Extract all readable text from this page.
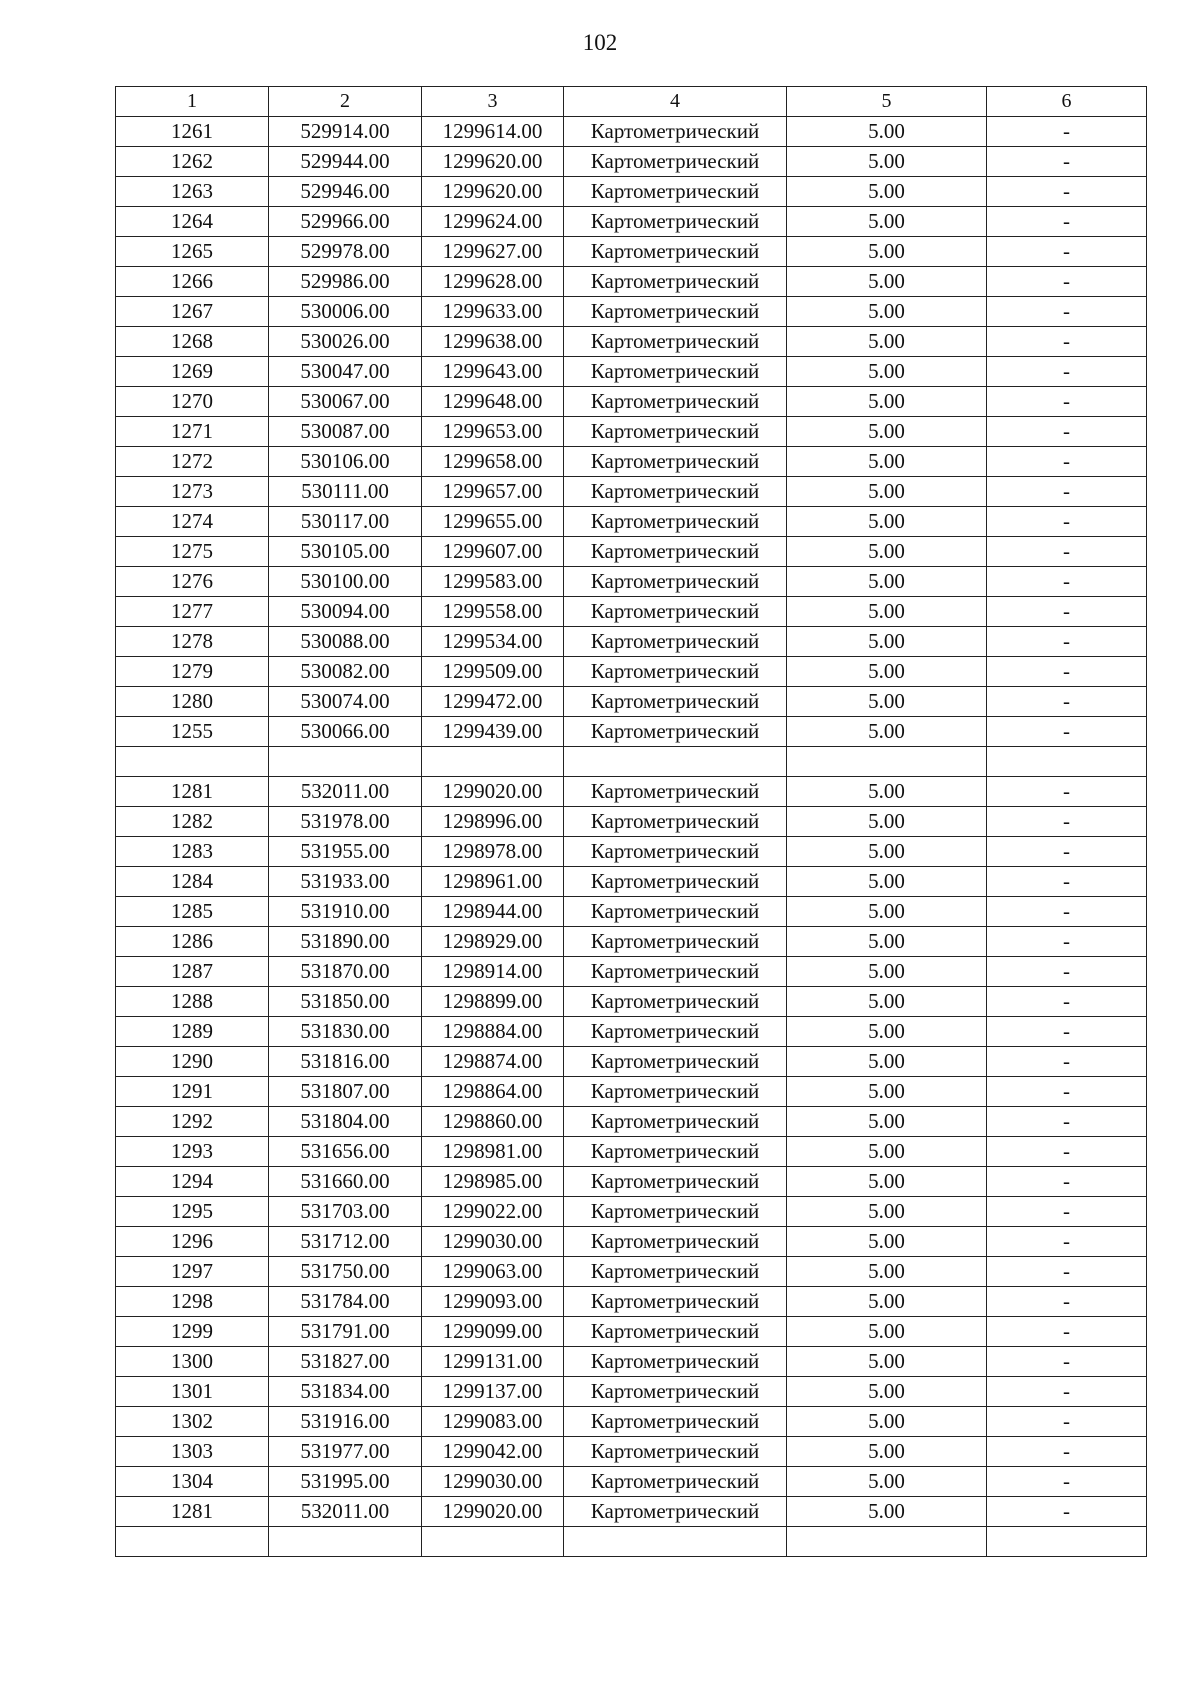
102
1	2	3	4	5	6
1261	529914.00	1299614.00	Картометрический	5.00	-
1262	529944.00	1299620.00	Картометрический	5.00	-
1263	529946.00	1299620.00	Картометрический	5.00	-
1264	529966.00	1299624.00	Картометрический	5.00	-
1265	529978.00	1299627.00	Картометрический	5.00	-
1266	529986.00	1299628.00	Картометрический	5.00	-
1267	530006.00	1299633.00	Картометрический	5.00	-
1268	530026.00	1299638.00	Картометрический	5.00	-
1269	530047.00	1299643.00	Картометрический	5.00	-
1270	530067.00	1299648.00	Картометрический	5.00	-
1271	530087.00	1299653.00	Картометрический	5.00	-
1272	530106.00	1299658.00	Картометрический	5.00	-
1273	530111.00	1299657.00	Картометрический	5.00	-
1274	530117.00	1299655.00	Картометрический	5.00	-
1275	530105.00	1299607.00	Картометрический	5.00	-
1276	530100.00	1299583.00	Картометрический	5.00	-
1277	530094.00	1299558.00	Картометрический	5.00	-
1278	530088.00	1299534.00	Картометрический	5.00	-
1279	530082.00	1299509.00	Картометрический	5.00	-
1280	530074.00	1299472.00	Картометрический	5.00	-
1255	530066.00	1299439.00	Картометрический	5.00	-

1281	532011.00	1299020.00	Картометрический	5.00	-
1282	531978.00	1298996.00	Картометрический	5.00	-
1283	531955.00	1298978.00	Картометрический	5.00	-
1284	531933.00	1298961.00	Картометрический	5.00	-
1285	531910.00	1298944.00	Картометрический	5.00	-
1286	531890.00	1298929.00	Картометрический	5.00	-
1287	531870.00	1298914.00	Картометрический	5.00	-
1288	531850.00	1298899.00	Картометрический	5.00	-
1289	531830.00	1298884.00	Картометрический	5.00	-
1290	531816.00	1298874.00	Картометрический	5.00	-
1291	531807.00	1298864.00	Картометрический	5.00	-
1292	531804.00	1298860.00	Картометрический	5.00	-
1293	531656.00	1298981.00	Картометрический	5.00	-
1294	531660.00	1298985.00	Картометрический	5.00	-
1295	531703.00	1299022.00	Картометрический	5.00	-
1296	531712.00	1299030.00	Картометрический	5.00	-
1297	531750.00	1299063.00	Картометрический	5.00	-
1298	531784.00	1299093.00	Картометрический	5.00	-
1299	531791.00	1299099.00	Картометрический	5.00	-
1300	531827.00	1299131.00	Картометрический	5.00	-
1301	531834.00	1299137.00	Картометрический	5.00	-
1302	531916.00	1299083.00	Картометрический	5.00	-
1303	531977.00	1299042.00	Картометрический	5.00	-
1304	531995.00	1299030.00	Картометрический	5.00	-
1281	532011.00	1299020.00	Картометрический	5.00	-
